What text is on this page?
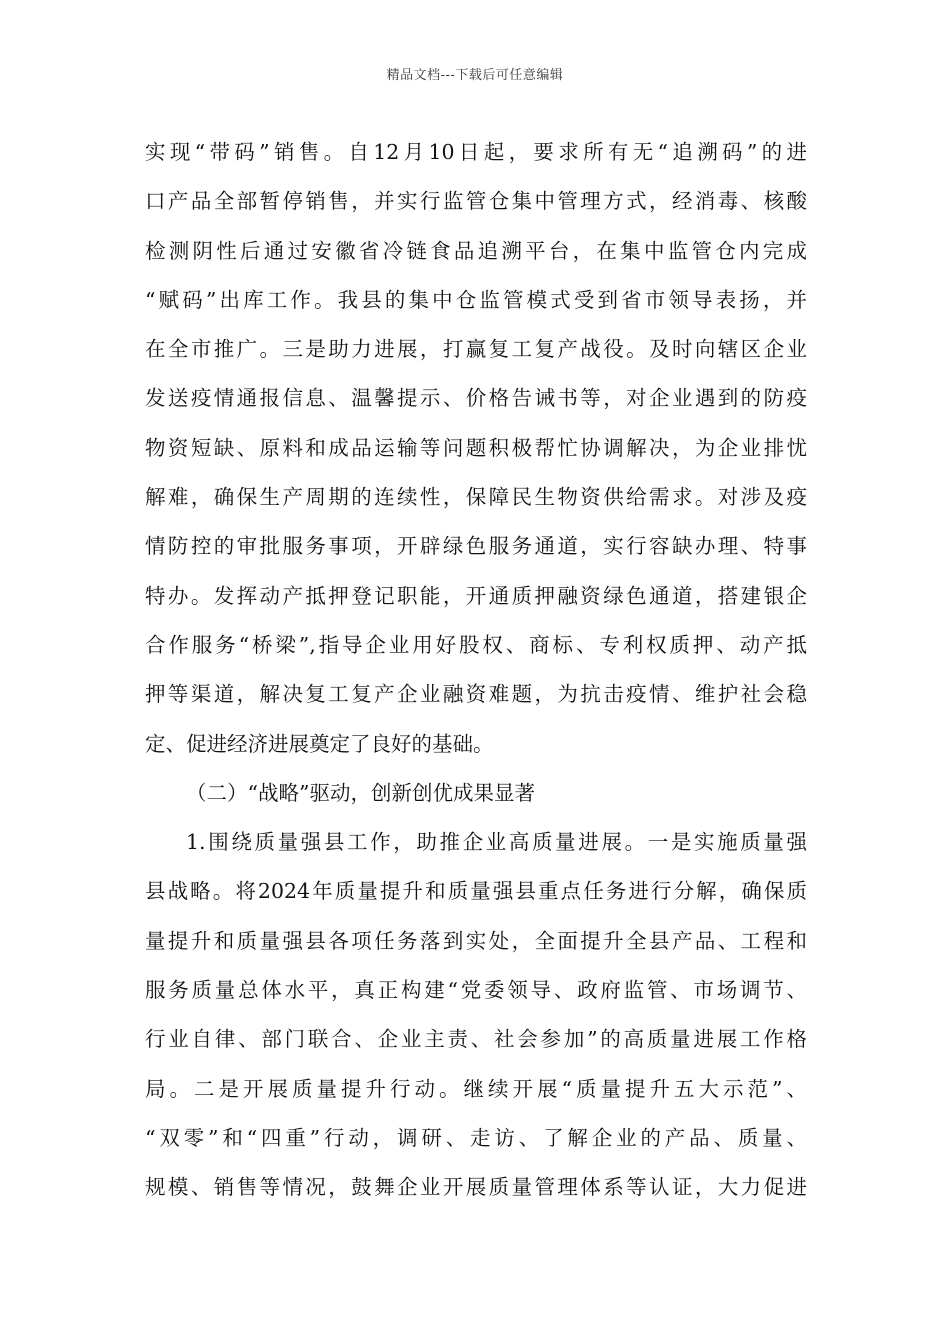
精品文档---下载后可任意编辑
实现“带码”销售。自12月10日起，要求所有无“追溯码”的进
口产品全部暂停销售，并实行监管仓集中管理方式，经消毒、核酸
检测阴性后通过安徽省冷链食品追溯平台，在集中监管仓内完成
“赋码”出库工作。我县的集中仓监管模式受到省市领导表扬，并
在全市推广。三是助力进展，打赢复工复产战役。及时向辖区企业
发送疫情通报信息、温馨提示、价格告诫书等，对企业遇到的防疫
物资短缺、原料和成品运输等问题积极帮忙协调解决，为企业排忧
解难，确保生产周期的连续性，保障民生物资供给需求。对涉及疫
情防控的审批服务事项，开辟绿色服务通道，实行容缺办理、特事
特办。发挥动产抵押登记职能，开通质押融资绿色通道，搭建银企
合作服务“桥梁”,指导企业用好股权、商标、专利权质押、动产抵
押等渠道，解决复工复产企业融资难题，为抗击疫情、维护社会稳
定、促进经济进展奠定了良好的基础。
（二）“战略”驱动，创新创优成果显著
1.围绕质量强县工作，助推企业高质量进展。一是实施质量强
县战略。将2024年质量提升和质量强县重点任务进行分解，确保质
量提升和质量强县各项任务落到实处，全面提升全县产品、工程和
服务质量总体水平，真正构建“党委领导、政府监管、市场调节、
行业自律、部门联合、企业主责、社会参加”的高质量进展工作格
局。二是开展质量提升行动。继续开展“质量提升五大示范”、
“双零”和“四重”行动，调研、走访、了解企业的产品、质量、
规模、销售等情况，鼓舞企业开展质量管理体系等认证，大力促进
